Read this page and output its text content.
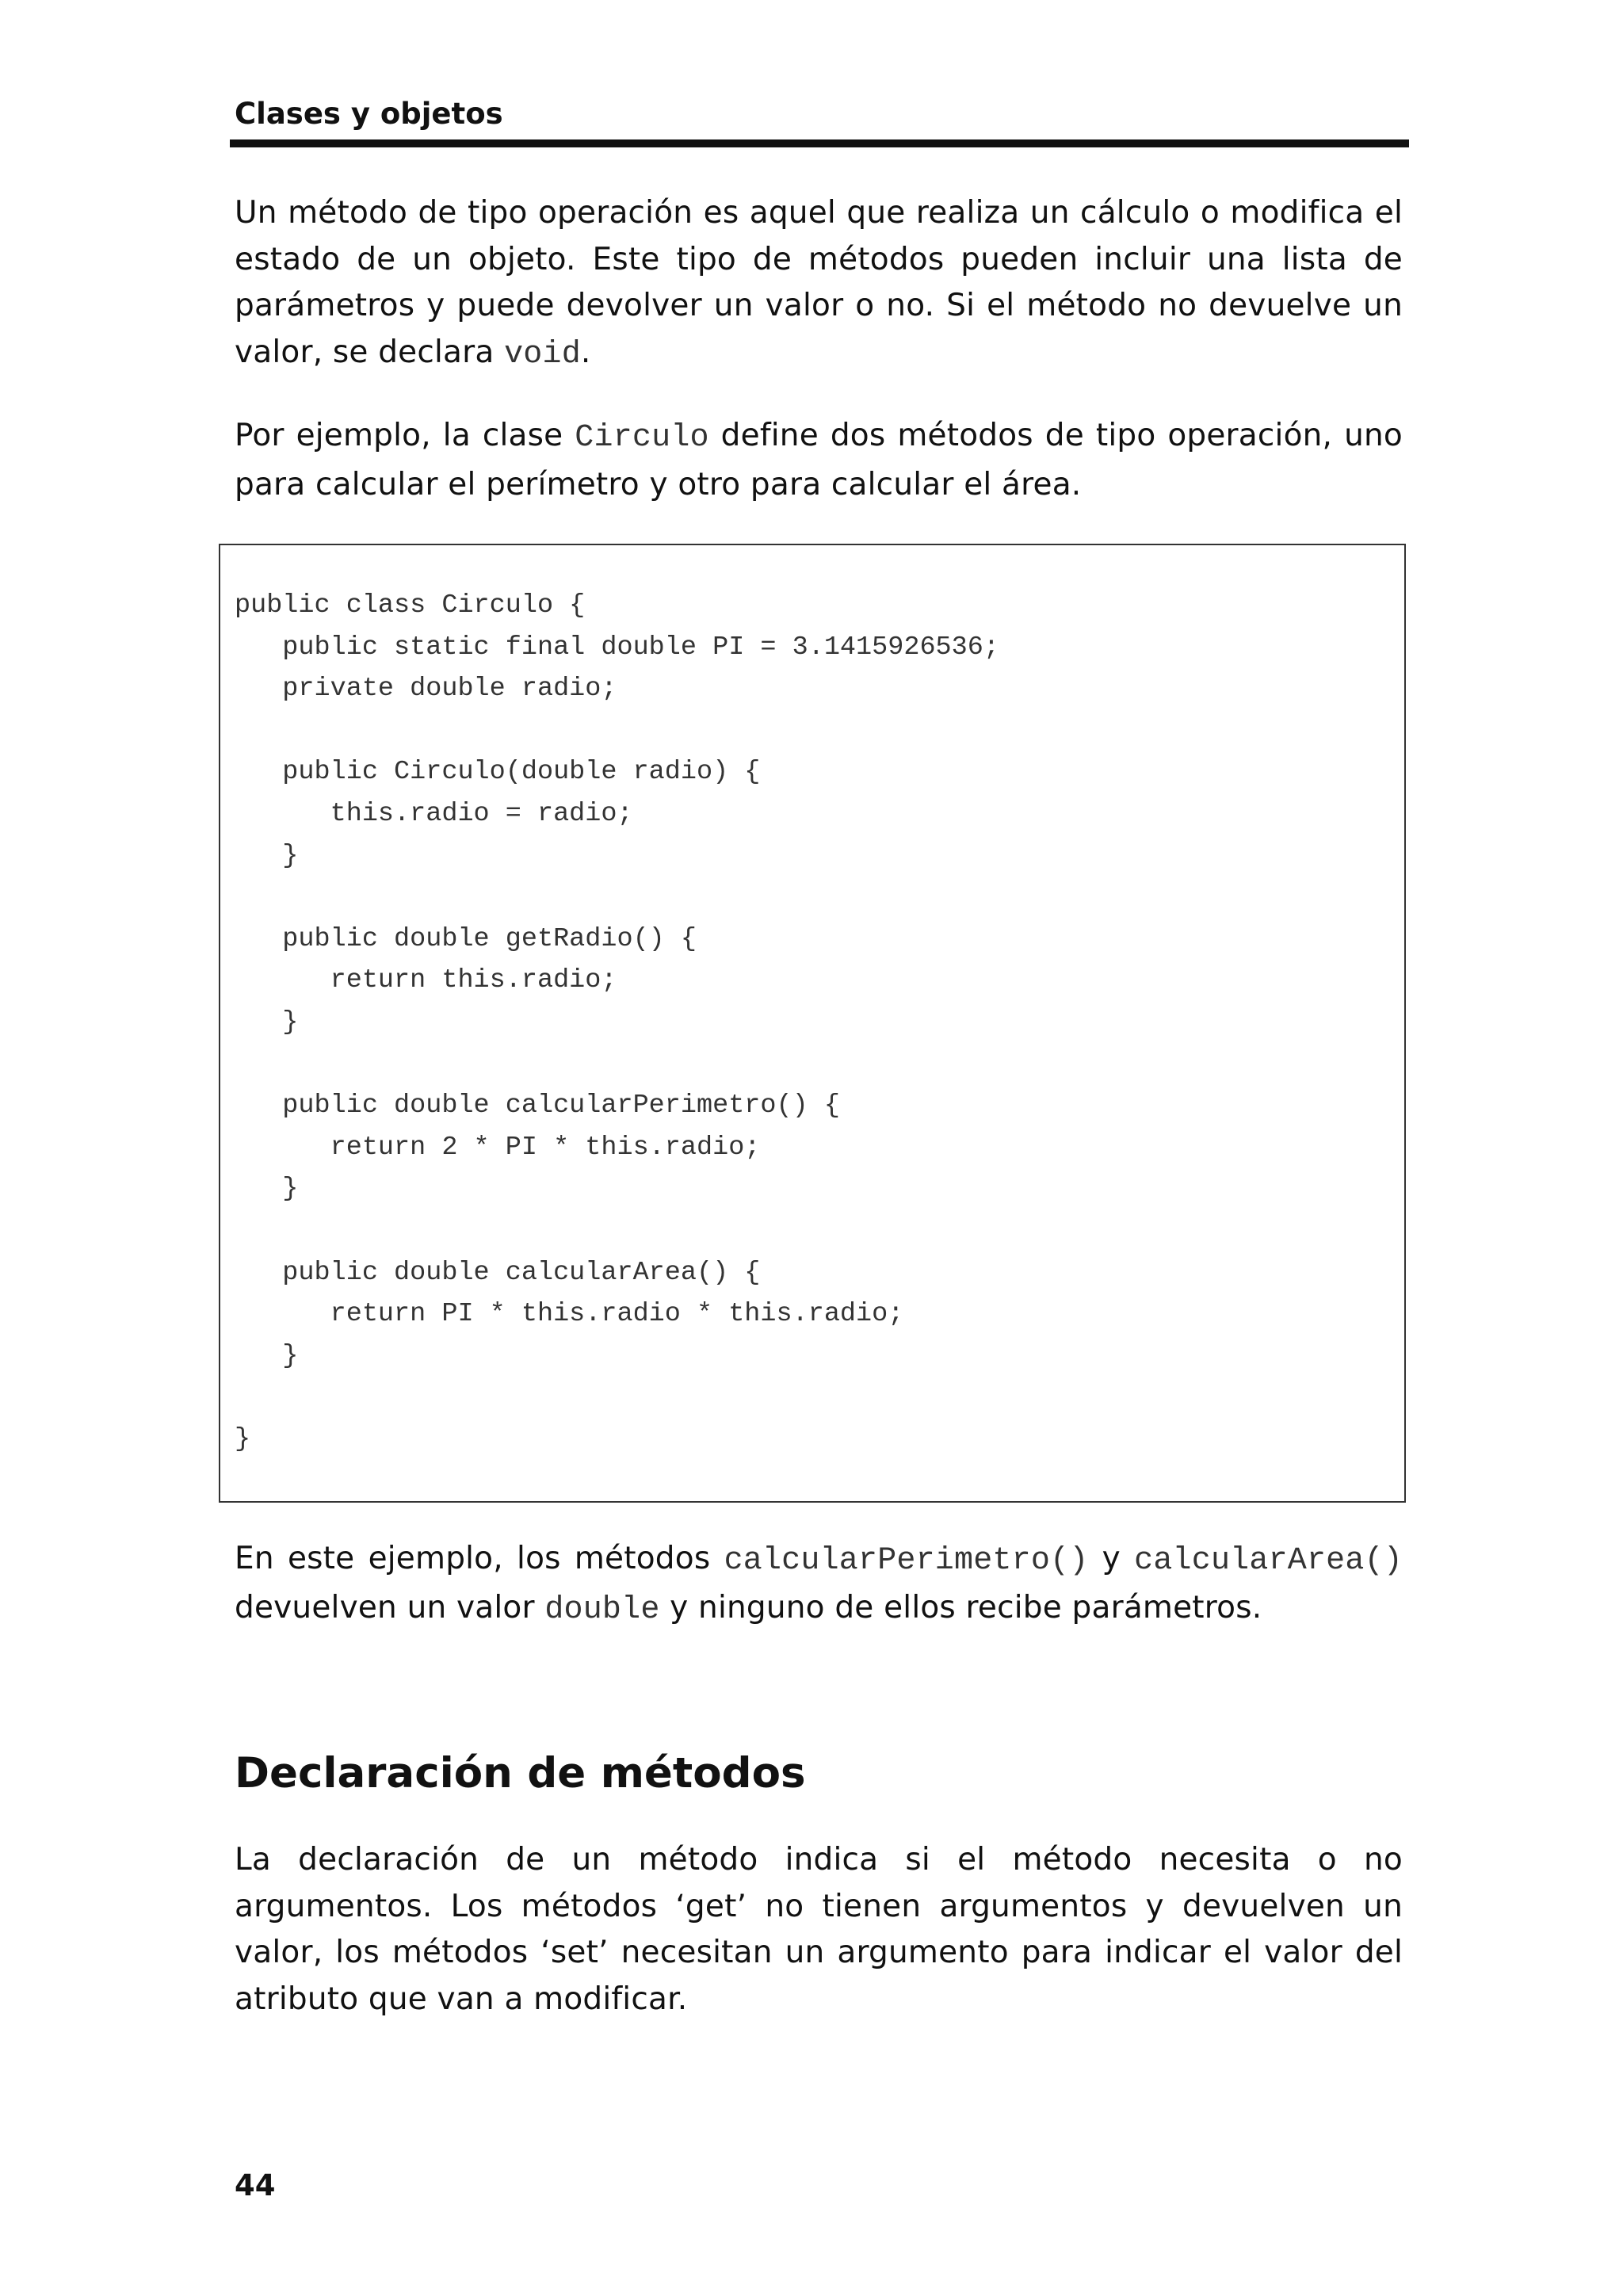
Clases y objetos

Un método de tipo operación es aquel que realiza un cálculo o modifica el estado de un objeto. Este tipo de métodos pueden incluir una lista de parámetros y puede devolver un valor o no. Si el método no devuelve un valor, se declara void.

Por ejemplo, la clase Circulo define dos métodos de tipo operación, uno para calcular el perímetro y otro para calcular el área.

public class Circulo {
public static final double PI = 3.1415926536;
private double radio;

public Circulo(double radio) {
this.radio = radio;
}

public double getRadio() {
return this.radio;
}

public double calcularPerimetro() {
return 2 * PI * this.radio;
}

public double calcularArea() {
return PI * this.radio * this.radio;
}

}

En este ejemplo, los métodos calcularPerimetro() y calcularArea() devuelven un valor double y ninguno de ellos recibe parámetros.

Declaración de métodos

La declaración de un método indica si el método necesita o no argumentos. Los métodos ‘get’ no tienen argumentos y devuelven un valor, los métodos ‘set’ necesitan un argumento para indicar el valor del atributo que van a modificar.

44
